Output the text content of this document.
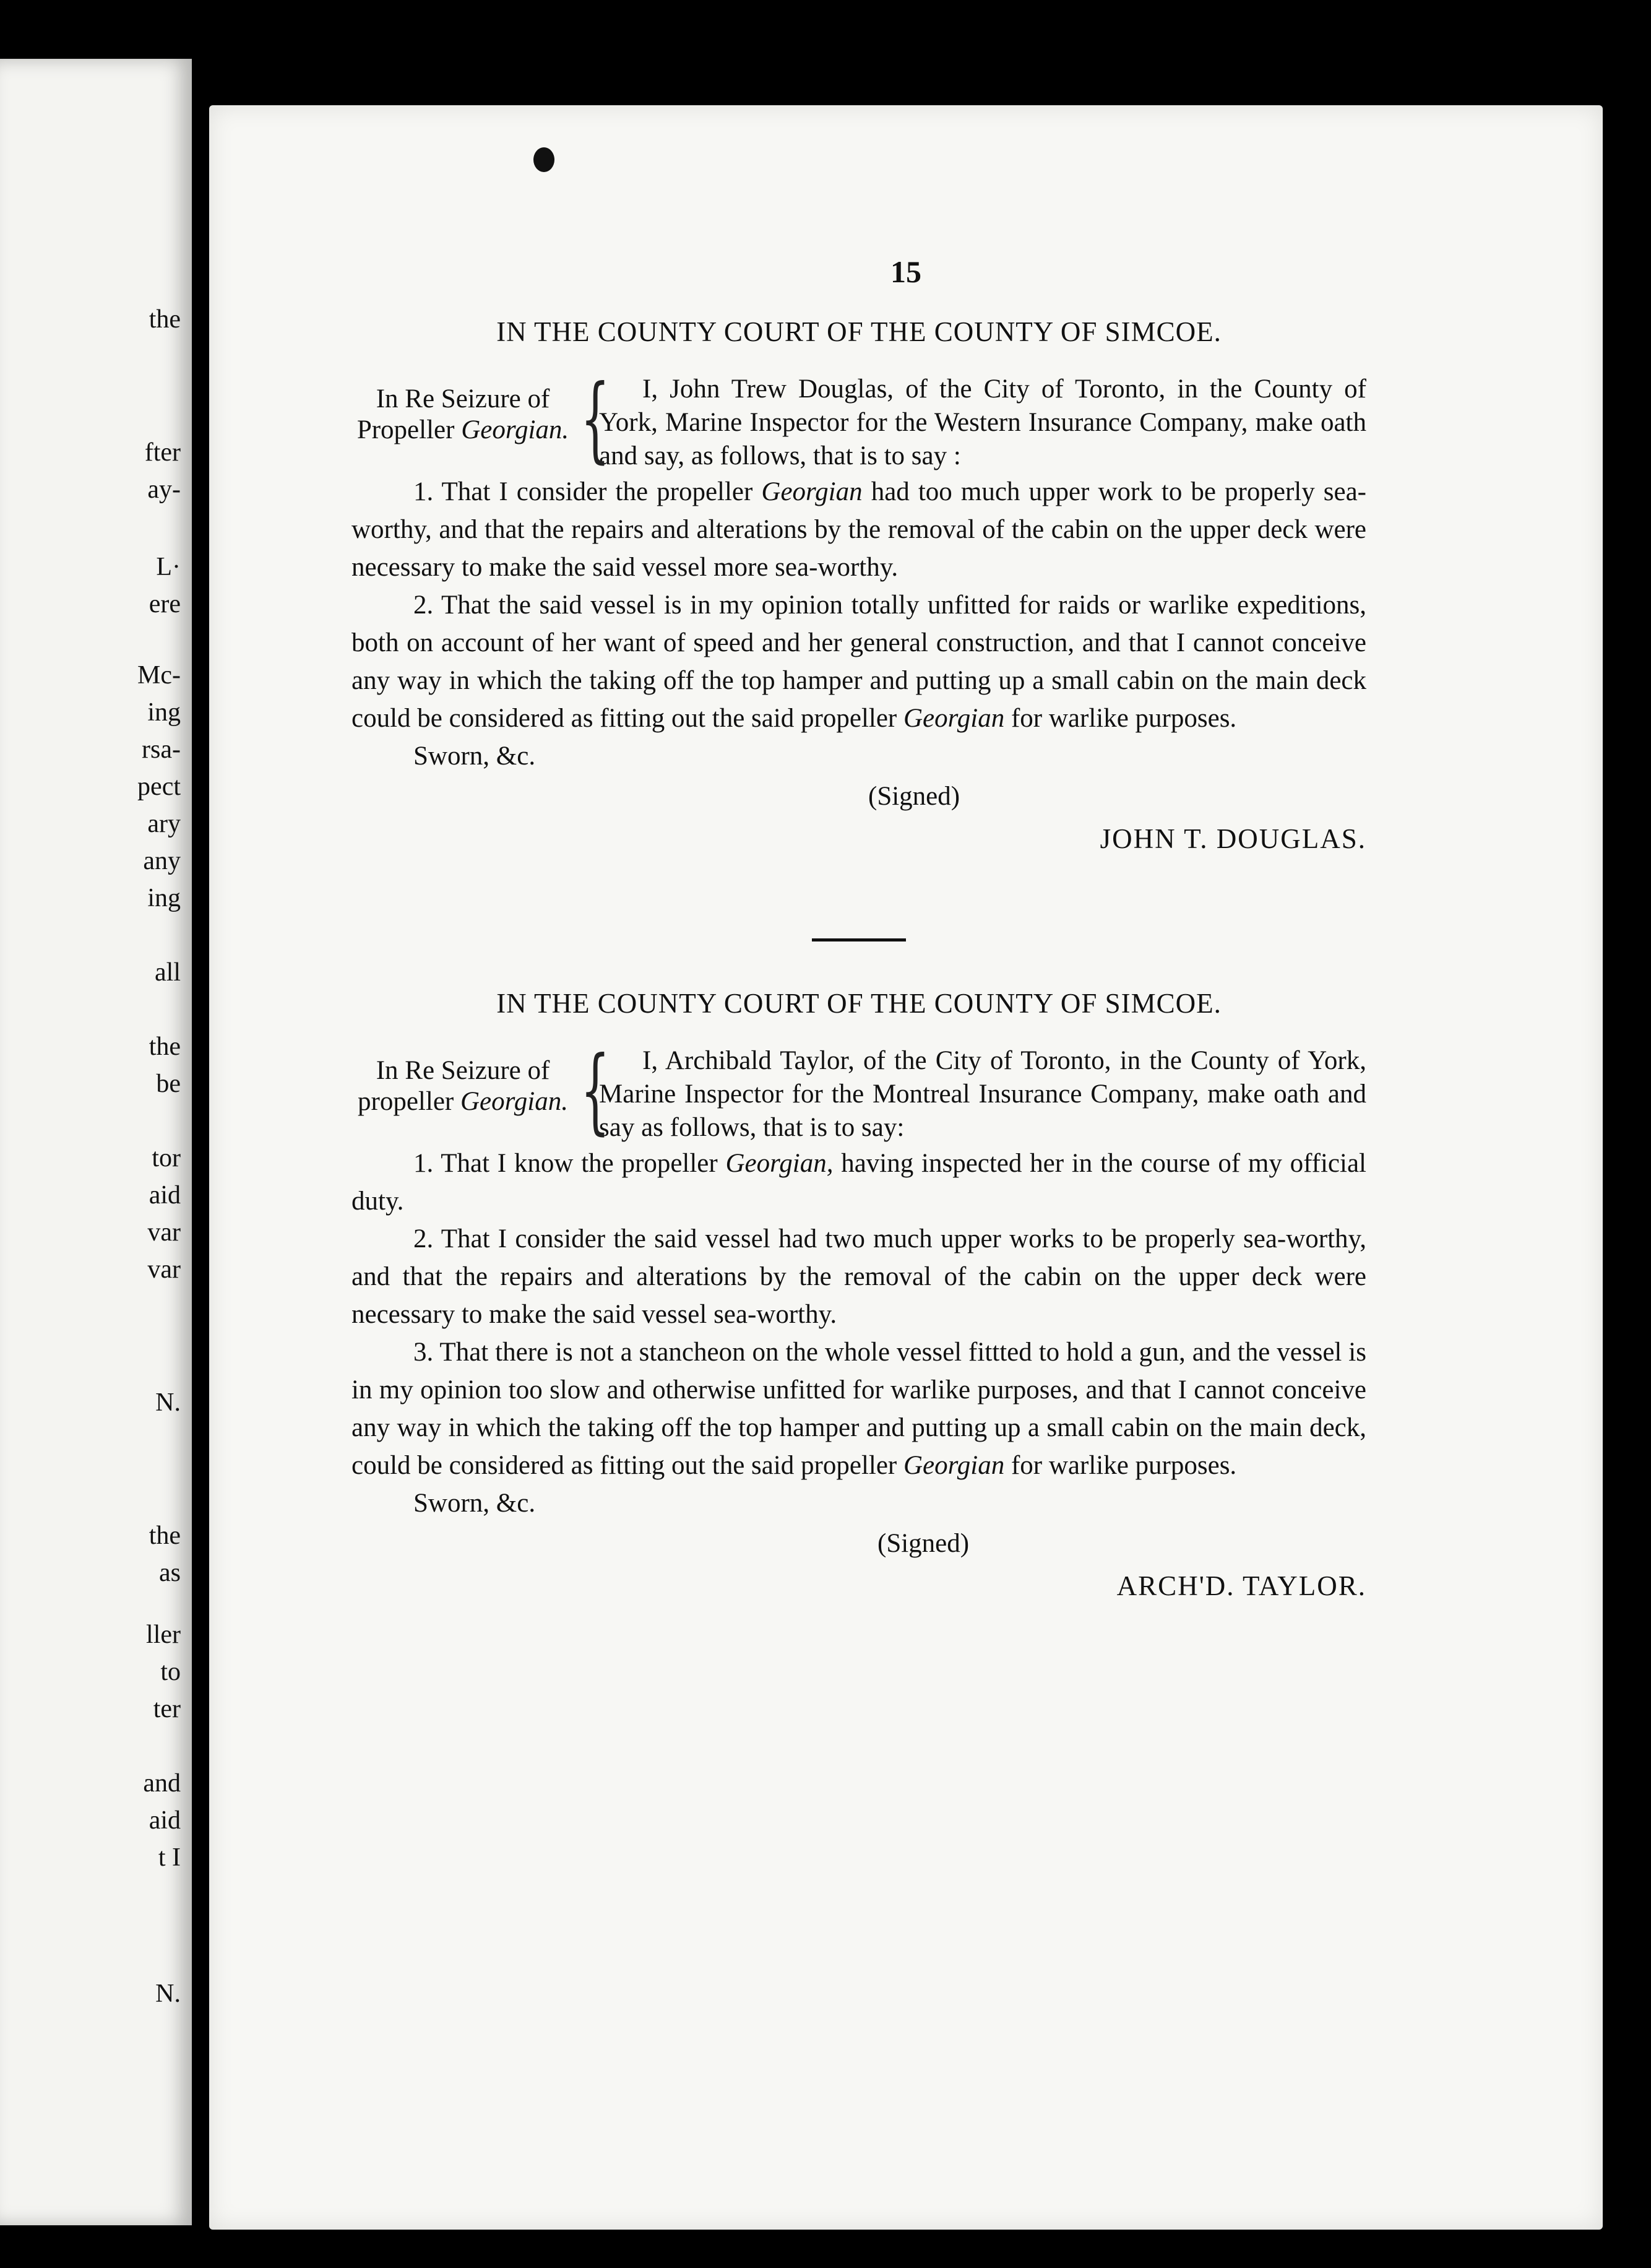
the
fter
ay-
L·
ere
Mc-
ing
rsa-
pect
ary
any
ing
all
the
be
tor
aid
var
var
N.
the
as
ller
to
ter
and
aid
t I
N.
15

IN THE COUNTY COURT OF THE COUNTY OF SIMCOE.

In Re Seizure of
Propeller Georgian. {	I, John Trew Douglas, of the City of Toronto, in the County of York, Marine Inspector for the Western Insurance Company, make oath and say, as follows, that is to say :

1. That I consider the propeller Georgian had too much upper work to be properly sea-worthy, and that the repairs and alterations by the removal of the cabin on the upper deck were necessary to make the said vessel more sea-worthy.

2. That the said vessel is in my opinion totally unfitted for raids or warlike expeditions, both on account of her want of speed and her general construction, and that I cannot conceive any way in which the taking off the top hamper and putting up a small cabin on the main deck could be considered as fitting out the said propeller Georgian for warlike purposes.

Sworn, &c.

(Signed)

JOHN T. DOUGLAS.

IN THE COUNTY COURT OF THE COUNTY OF SIMCOE.

In Re Seizure of
propeller Georgian. {	I, Archibald Taylor, of the City of Toronto, in the County of York, Marine Inspector for the Montreal Insurance Company, make oath and say as follows, that is to say:

1. That I know the propeller Georgian, having inspected her in the course of my official duty.

2. That I consider the said vessel had two much upper works to be properly sea-worthy, and that the repairs and alterations by the removal of the cabin on the upper deck were necessary to make the said vessel sea-worthy.

3. That there is not a stancheon on the whole vessel fittted to hold a gun, and the vessel is in my opinion too slow and otherwise unfitted for warlike purposes, and that I cannot conceive any way in which the taking off the top hamper and putting up a small cabin on the main deck, could be considered as fitting out the said propeller Georgian for warlike purposes.

Sworn, &c.

(Signed)

ARCH'D. TAYLOR.
